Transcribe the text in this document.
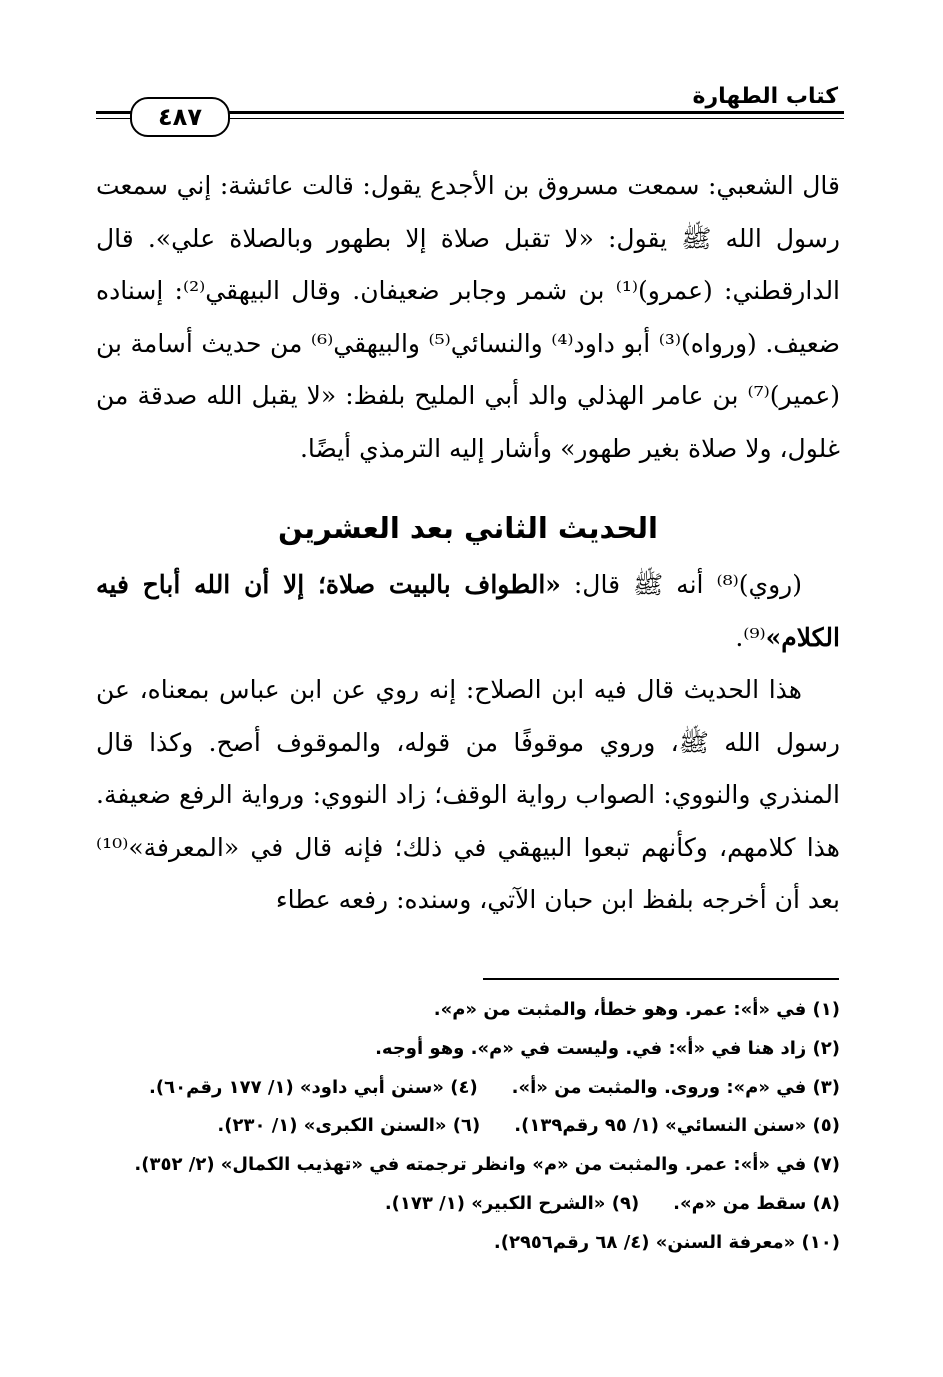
كتاب الطهارة
٤٨٧

قال الشعبي: سمعت مسروق بن الأجدع يقول: قالت عائشة: إني سمعت رسول الله ﷺ يقول: «لا تقبل صلاة إلا بطهور وبالصلاة علي». قال الدارقطني: (عمرو)⁽¹⁾ بن شمر وجابر ضعيفان. وقال البيهقي⁽²⁾: إسناده ضعيف. (ورواه)⁽³⁾ أبو داود⁽⁴⁾ والنسائي⁽⁵⁾ والبيهقي⁽⁶⁾ من حديث أسامة بن (عمير)⁽⁷⁾ بن عامر الهذلي والد أبي المليح بلفظ: «لا يقبل الله صدقة من غلول، ولا صلاة بغير طهور» وأشار إليه الترمذي أيضًا.

الحديث الثاني بعد العشرين

(روي)⁽⁸⁾ أنه ﷺ قال: «الطواف بالبيت صلاة؛ إلا أن الله أباح فيه الكلام»⁽⁹⁾.

هذا الحديث قال فيه ابن الصلاح: إنه روي عن ابن عباس بمعناه، عن رسول الله ﷺ، وروي موقوفًا من قوله، والموقوف أصح. وكذا قال المنذري والنووي: الصواب رواية الوقف؛ زاد النووي: ورواية الرفع ضعيفة. هذا كلامهم، وكأنهم تبعوا البيهقي في ذلك؛ فإنه قال في «المعرفة»⁽¹⁰⁾ بعد أن أخرجه بلفظ ابن حبان الآتي، وسنده: رفعه عطاء

(١) في «أ»: عمر. وهو خطأ، والمثبت من «م».
(٢) زاد هنا في «أ»: في. وليست في «م». وهو أوجه.
(٣) في «م»: وروى. والمثبت من «أ».
(٤) «سنن أبي داود» (١/ ١٧٧ رقم٦٠).
(٥) «سنن النسائي» (١/ ٩٥ رقم١٣٩).
(٦) «السنن الكبرى» (١/ ٢٣٠).
(٧) في «أ»: عمر. والمثبت من «م» وانظر ترجمته في «تهذيب الكمال» (٢/ ٣٥٢).
(٨) سقط من «م».
(٩) «الشرح الكبير» (١/ ١٧٣).
(١٠) «معرفة السنن» (٤/ ٦٨ رقم٢٩٥٦).
